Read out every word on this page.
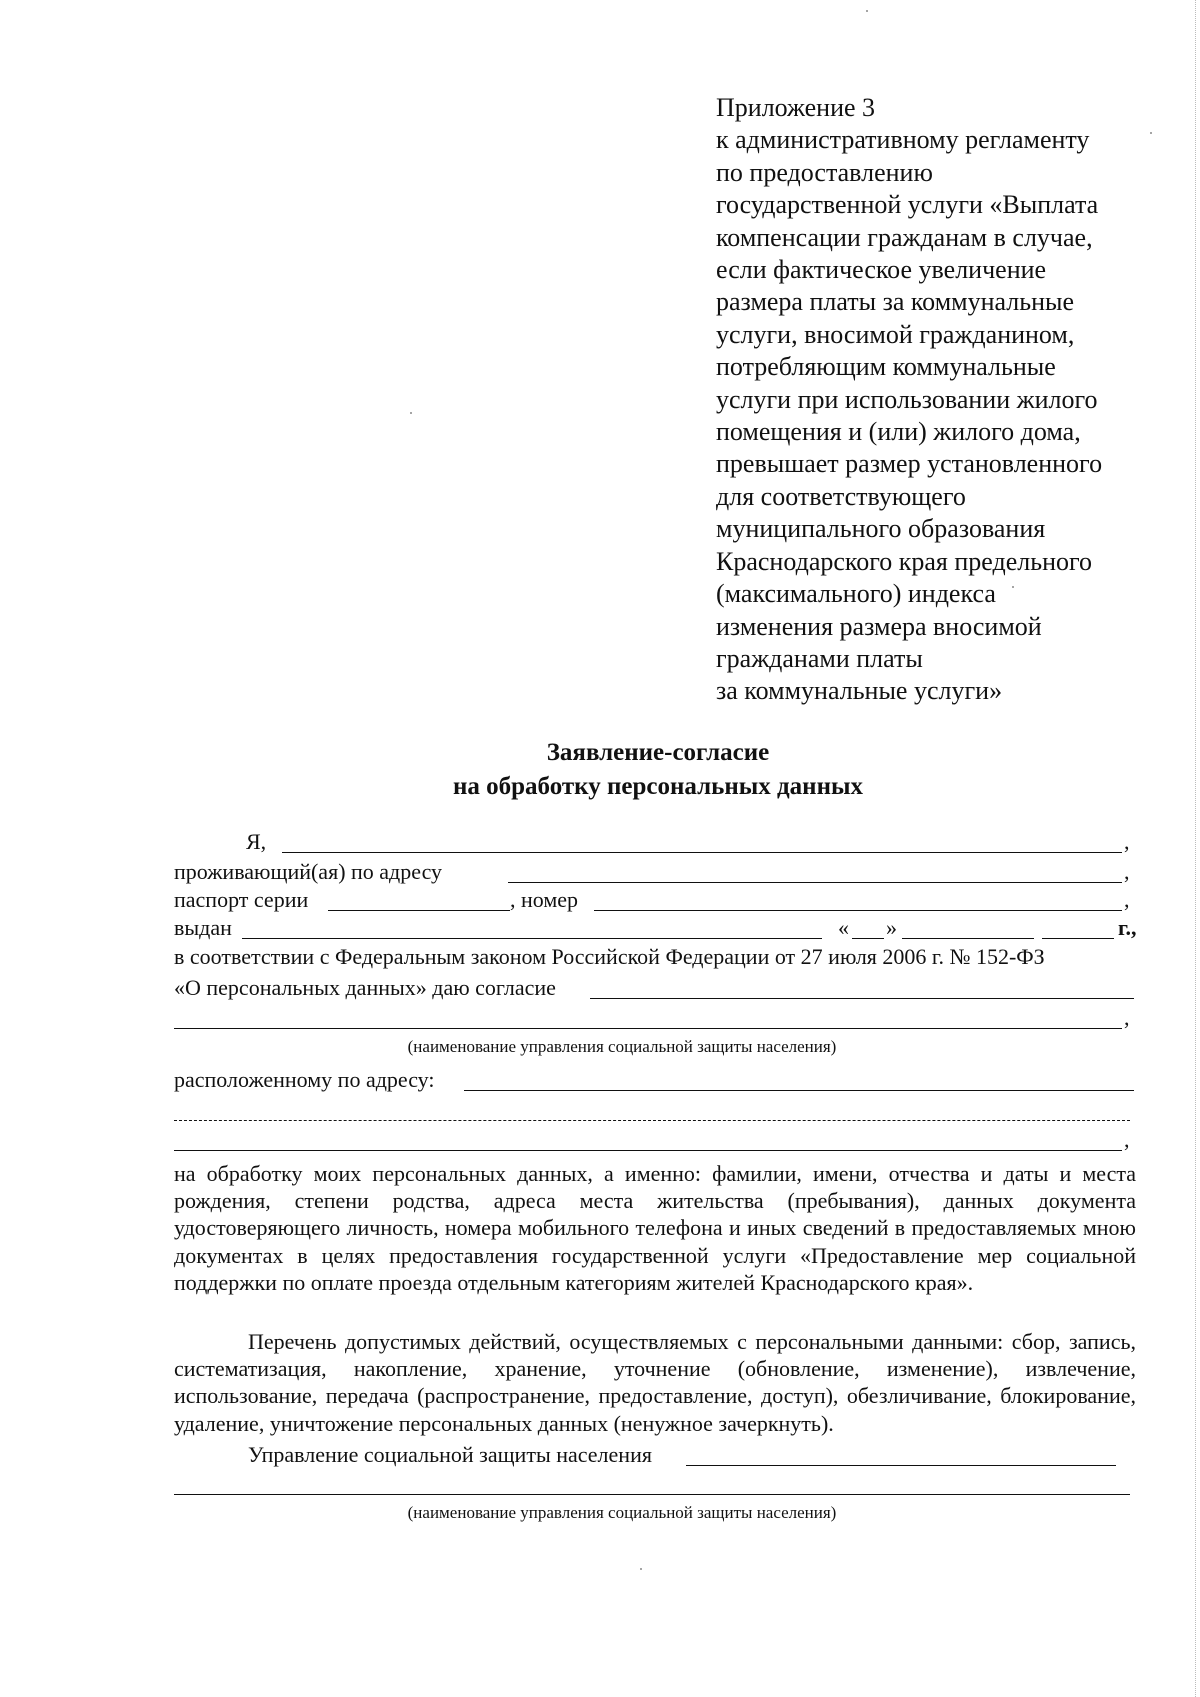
Приложение 3
к административному регламенту
по предоставлению
государственной услуги «Выплата
компенсации гражданам в случае,
если фактическое увеличение
размера платы за коммунальные
услуги, вносимой гражданином,
потребляющим коммунальные
услуги при использовании жилого
помещения и (или) жилого дома,
превышает размер установленного
для соответствующего
муниципального образования
Краснодарского края предельного
(максимального) индекса
изменения размера вносимой
гражданами платы
за коммунальные услуги»
Заявление-согласие
на обработку персональных данных
Я,	,
проживающий(ая) по адресу	,
паспорт серии	, номер	,
выдан	« »	г.,
в соответствии с Федеральным законом Российской Федерации от 27 июля 2006 г. № 152-ФЗ
«О персональных данных» даю согласие
,
(наименование управления социальной защиты населения)
расположенному по адресу:
,
на обработку моих персональных данных, а именно: фамилии, имени, отчества и даты и места рождения, степени родства, адреса места жительства (пребывания), данных документа удостоверяющего личность, номера мобильного телефона и иных сведений в предоставляемых мною документах в целях предоставления государственной услуги «Предоставление мер социальной поддержки по оплате проезда отдельным категориям жителей Краснодарского края».
Перечень допустимых действий, осуществляемых с персональными данными: сбор, запись, систематизация, накопление, хранение, уточнение (обновление, изменение), извлечение, использование, передача (распространение, предоставление, доступ), обезличивание, блокирование, удаление, уничтожение персональных данных (ненужное зачеркнуть).
Управление социальной защиты населения
(наименование управления социальной защиты населения)
